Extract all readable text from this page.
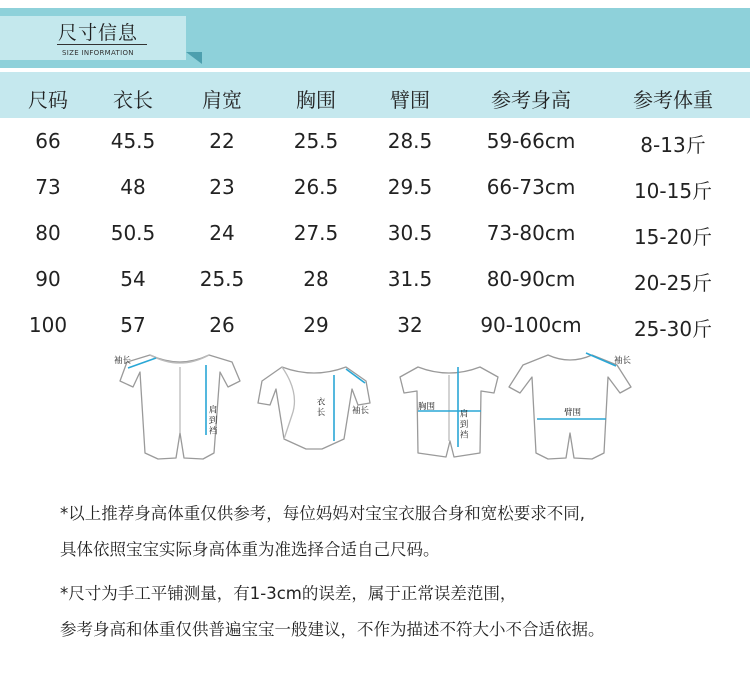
尺寸信息
SIZE INFORMATION
尺码	衣长	肩宽	胸围	臂围	参考身高	参考体重
66	45.5	22	25.5	28.5	59-66cm	8-13斤
73	48	23	26.5	29.5	66-73cm	10-15斤
80	50.5	24	27.5	30.5	73-80cm	15-20斤
90	54	25.5	28	31.5	80-90cm	20-25斤
100	57	26	29	32	90-100cm	25-30斤
袖长
肩到裆	衣长	袖长	胸围
肩到裆	臂围
袖长
*以上推荐身高体重仅供参考，每位妈妈对宝宝衣服合身和宽松要求不同,
具体依照宝宝实际身高体重为准选择合适自己尺码。
*尺寸为手工平铺测量，有1-3cm的误差，属于正常误差范围，
参考身高和体重仅供普遍宝宝一般建议，不作为描述不符大小不合适依据。
